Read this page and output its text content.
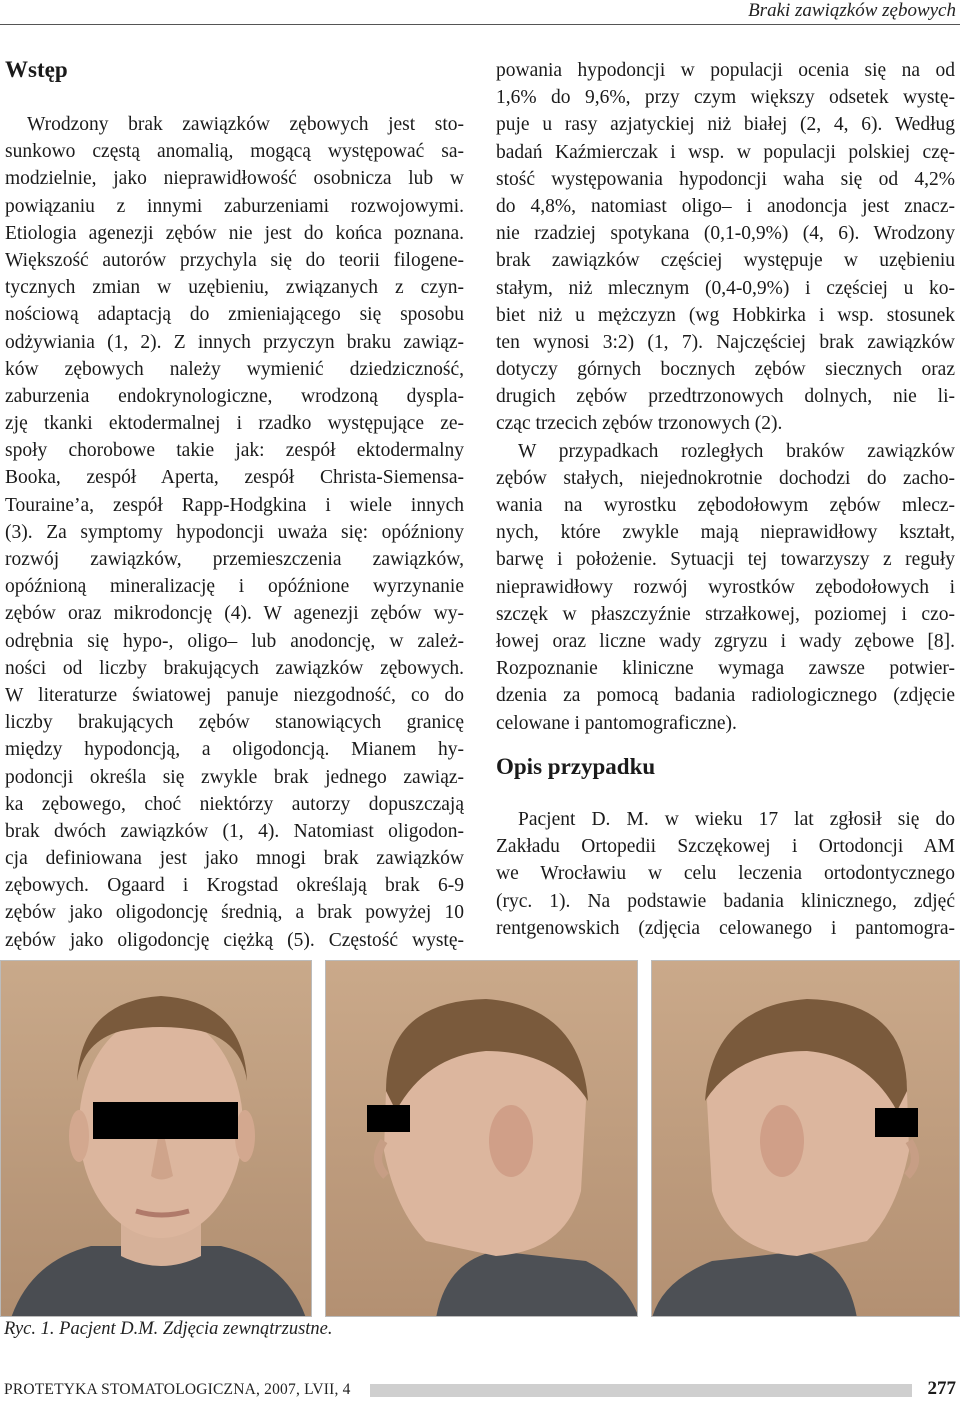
Braki zawiązków zębowych
Wstęp
Wrodzony brak zawiązków zębowych jest sto-
sunkowo częstą anomalią, mogącą występować sa-
modzielnie, jako nieprawidłowość osobnicza lub w
powiązaniu z innymi zaburzeniami rozwojowymi.
Etiologia agenezji zębów nie jest do końca poznana.
Większość autorów przychyla się do teorii filogene-
tycznych zmian w uzębieniu, związanych z czyn-
nościową adaptacją do zmieniającego się sposobu
odżywiania (1, 2). Z innych przyczyn braku zawiąz-
ków zębowych należy wymienić dziedziczność,
zaburzenia endokrynologiczne, wrodzoną dyspla-
zję tkanki ektodermalnej i rzadko występujące ze-
społy chorobowe takie jak: zespół ektodermalny
Booka, zespół Aperta, zespół Christa-Siemensa-
Touraine’a, zespół Rapp-Hodgkina i wiele innych
(3). Za symptomy hypodoncji uważa się: opóźniony
rozwój zawiązków, przemieszczenia zawiązków,
opóźnioną mineralizację i opóźnione wyrzynanie
zębów oraz mikrodoncję (4). W agenezji zębów wy-
odrębnia się hypo-, oligo– lub anodoncję, w zależ-
ności od liczby brakujących zawiązków zębowych.
W literaturze światowej panuje niezgodność, co do
liczby brakujących zębów stanowiących granicę
między hypodoncją, a oligodoncją. Mianem hy-
podoncji określa się zwykle brak jednego zawiąz-
ka zębowego, choć niektórzy autorzy dopuszczają
brak dwóch zawiązków (1, 4). Natomiast oligodon-
cja definiowana jest jako mnogi brak zawiązków
zębowych. Ogaard i Krogstad określają brak 6-9
zębów jako oligodoncję średnią, a brak powyżej 10
zębów jako oligodoncję ciężką (5). Częstość wystę-
powania hypodoncji w populacji ocenia się na od
1,6% do 9,6%, przy czym większy odsetek wystę-
puje u rasy azjatyckiej niż białej (2, 4, 6). Według
badań Kaźmierczak i wsp. w populacji polskiej czę-
stość występowania hypodoncji waha się od 4,2%
do 4,8%, natomiast oligo– i anodoncja jest znacz-
nie rzadziej spotykana (0,1-0,9%) (4, 6). Wrodzony
brak zawiązków częściej występuje w uzębieniu
stałym, niż mlecznym (0,4-0,9%) i częściej u ko-
biet niż u mężczyzn (wg Hobkirka i wsp. stosunek
ten wynosi 3:2) (1, 7). Najczęściej brak zawiązków
dotyczy górnych bocznych zębów siecznych oraz
drugich zębów przedtrzonowych dolnych, nie li-
cząc trzecich zębów trzonowych (2).
W przypadkach rozległych braków zawiązków
zębów stałych, niejednokrotnie dochodzi do zacho-
wania na wyrostku zębodołowym zębów mlecz-
nych, które zwykle mają nieprawidłowy kształt,
barwę i położenie. Sytuacji tej towarzyszy z reguły
nieprawidłowy rozwój wyrostków zębodołowych i
szczęk w płaszczyźnie strzałkowej, poziomej i czo-
łowej oraz liczne wady zgryzu i wady zębowe [8].
Rozpoznanie kliniczne wymaga zawsze potwier-
dzenia za pomocą badania radiologicznego (zdjęcie
celowane i pantomograficzne).
Opis przypadku
Pacjent D. M. w wieku 17 lat zgłosił się do
Zakładu Ortopedii Szczękowej i Ortodoncji AM
we Wrocławiu w celu leczenia ortodontycznego
(ryc. 1). Na podstawie badania klinicznego, zdjęć
rentgenowskich (zdjęcia celowanego i pantomogra-
Ryc. 1. Pacjent D.M. Zdjęcia zewnątrzustne.
PROTETYKA STOMATOLOGICZNA, 2007, LVII, 4	277
